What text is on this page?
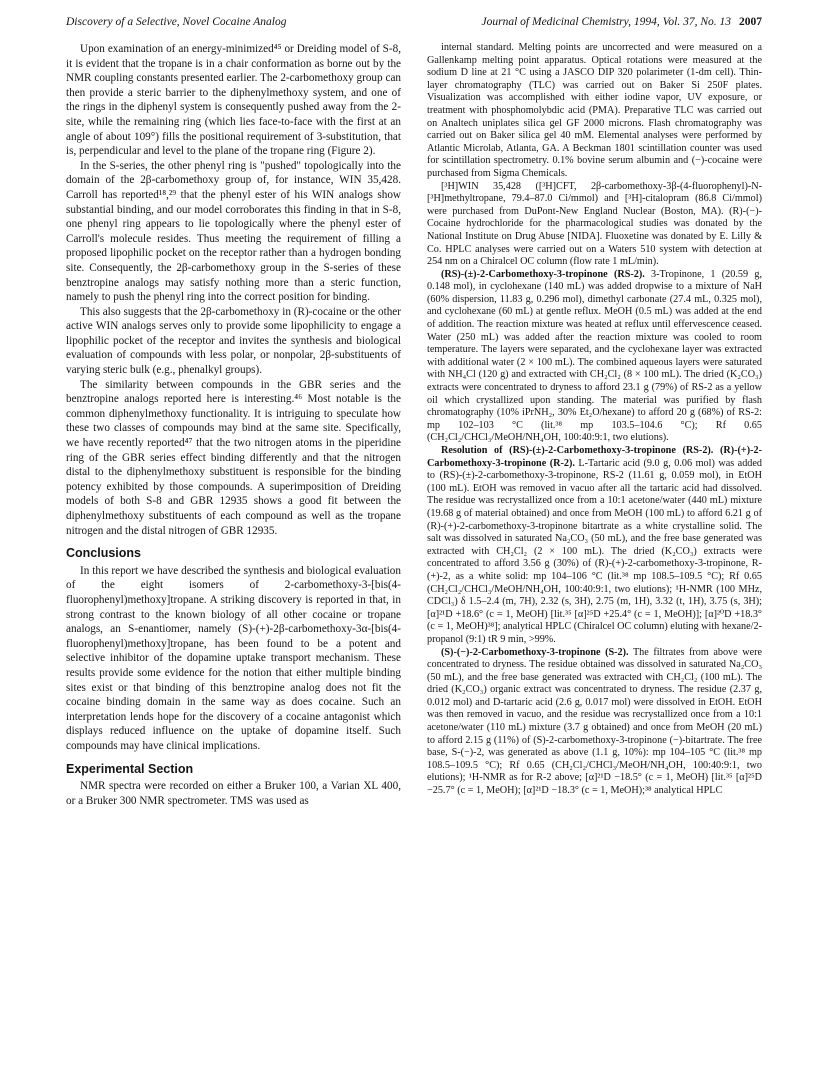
Discovery of a Selective, Novel Cocaine Analog	Journal of Medicinal Chemistry, 1994, Vol. 37, No. 13 2007

Upon examination of an energy-minimized⁴⁵ or Dreiding model of S-8, it is evident that the tropane is in a chair conformation as borne out by the NMR coupling constants presented earlier. The 2-carbomethoxy group can then provide a steric barrier to the diphenylmethoxy system, and one of the rings in the diphenyl system is consequently pushed away from the 2-site, while the remaining ring (which lies face-to-face with the first at an angle of about 109°) fills the positional requirement of 3-substitution, that is, perpendicular and level to the plane of the tropane ring (Figure 2).

In the S-series, the other phenyl ring is "pushed" topologically into the domain of the 2β-carbomethoxy group of, for instance, WIN 35,428. Carroll has reported¹⁸,²⁹ that the phenyl ester of his WIN analogs show substantial binding, and our model corroborates this finding in that in S-8, one phenyl ring appears to lie topologically where the phenyl ester of Carroll's molecule resides. Thus meeting the requirement of filling a proposed lipophilic pocket on the receptor rather than a hydrogen bonding site. Consequently, the 2β-carbomethoxy group in the S-series of these benztropine analogs may satisfy nothing more than a steric function, namely to push the phenyl ring into the correct position for binding.

This also suggests that the 2β-carbomethoxy in (R)-cocaine or the other active WIN analogs serves only to provide some lipophilicity to engage a lipophilic pocket of the receptor and invites the synthesis and biological evaluation of compounds with less polar, or nonpolar, 2β-substituents of varying steric bulk (e.g., phenalkyl groups).

The similarity between compounds in the GBR series and the benztropine analogs reported here is interesting.⁴⁶ Most notable is the common diphenylmethoxy functionality. It is intriguing to speculate how these two classes of compounds may bind at the same site. Specifically, we have recently reported⁴⁷ that the two nitrogen atoms in the piperidine ring of the GBR series effect binding differently and that the nitrogen distal to the diphenylmethoxy substituent is responsible for the binding potency exhibited by those compounds. A superimposition of Dreiding models of both S-8 and GBR 12935 shows a good fit between the diphenylmethoxy substituents of each compound as well as the tropane nitrogen and the distal nitrogen of GBR 12935.

Conclusions

In this report we have described the synthesis and biological evaluation of the eight isomers of 2-carbomethoxy-3-[bis(4-fluorophenyl)methoxy]tropane. A striking discovery is reported in that, in strong contrast to the known biology of all other cocaine or tropane analogs, an S-enantiomer, namely (S)-(+)-2β-carbomethoxy-3α-[bis(4-fluorophenyl)methoxy]tropane, has been found to be a potent and selective inhibitor of the dopamine uptake transport mechanism. These results provide some evidence for the notion that either multiple binding sites exist or that binding of this benztropine analog does not fit the cocaine binding domain in the same way as does cocaine. Such an interpretation lends hope for the discovery of a cocaine antagonist which displays reduced influence on the uptake of dopamine itself. Such compounds may have clinical implications.

Experimental Section

NMR spectra were recorded on either a Bruker 100, a Varian XL 400, or a Bruker 300 NMR spectrometer. TMS was used as

internal standard. Melting points are uncorrected and were measured on a Gallenkamp melting point apparatus. Optical rotations were measured at the sodium D line at 21 °C using a JASCO DIP 320 polarimeter (1-dm cell). Thin-layer chromatography (TLC) was carried out on Baker Si 250F plates. Visualization was accomplished with either iodine vapor, UV exposure, or treatment with phosphomolybdic acid (PMA). Preparative TLC was carried out on Analtech uniplates silica gel GF 2000 microns. Flash chromatography was carried out on Baker silica gel 40 mM. Elemental analyses were performed by Atlantic Microlab, Atlanta, GA. A Beckman 1801 scintillation counter was used for scintillation spectrometry. 0.1% bovine serum albumin and (−)-cocaine were purchased from Sigma Chemicals.

[³H]WIN 35,428 ([³H]CFT, 2β-carbomethoxy-3β-(4-fluorophenyl)-N-[³H]methyltropane, 79.4–87.0 Ci/mmol) and [³H]-citalopram (86.8 Ci/mmol) were purchased from DuPont-New England Nuclear (Boston, MA). (R)-(−)-Cocaine hydrochloride for the pharmacological studies was donated by the National Institute on Drug Abuse [NIDA]. Fluoxetine was donated by E. Lilly & Co. HPLC analyses were carried out on a Waters 510 system with detection at 254 nm on a Chiralcel OC column (flow rate 1 mL/min).

(RS)-(±)-2-Carbomethoxy-3-tropinone (RS-2). 3-Tropinone, 1 (20.59 g, 0.148 mol), in cyclohexane (140 mL) was added dropwise to a mixture of NaH (60% dispersion, 11.83 g, 0.296 mol), dimethyl carbonate (27.4 mL, 0.325 mol), and cyclohexane (60 mL) at gentle reflux. MeOH (0.5 mL) was added at the end of addition. The reaction mixture was heated at reflux until effervescence ceased. Water (250 mL) was added after the reaction mixture was cooled to room temperature. The layers were separated, and the cyclohexane layer was extracted with additional water (2 × 100 mL). The combined aqueous layers were saturated with NH₄Cl (120 g) and extracted with CH₂Cl₂ (8 × 100 mL). The dried (K₂CO₃) extracts were concentrated to dryness to afford 23.1 g (79%) of RS-2 as a yellow oil which crystallized upon standing. The material was purified by flash chromatography (10% iPrNH₂, 30% Et₂O/hexane) to afford 20 g (68%) of RS-2: mp 102–103 °C (lit.³⁸ mp 103.5–104.6 °C); Rf 0.65 (CH₂Cl₂/CHCl₃/MeOH/NH₄OH, 100:40:9:1, two elutions).

Resolution of (RS)-(±)-2-Carbomethoxy-3-tropinone (RS-2). (R)-(+)-2-Carbomethoxy-3-tropinone (R-2). L-Tartaric acid (9.0 g, 0.06 mol) was added to (RS)-(±)-2-carbomethoxy-3-tropinone, RS-2 (11.61 g, 0.059 mol), in EtOH (100 mL). EtOH was removed in vacuo after all the tartaric acid had dissolved. The residue was recrystallized once from a 10:1 acetone/water (440 mL) mixture (19.68 g of material obtained) and once from MeOH (100 mL) to afford 6.21 g of (R)-(+)-2-carbomethoxy-3-tropinone bitartrate as a white crystalline solid. The salt was dissolved in saturated Na₂CO₃ (50 mL), and the free base generated was extracted with CH₂Cl₂ (2 × 100 mL). The dried (K₂CO₃) extracts were concentrated to afford 3.56 g (30%) of (R)-(+)-2-carbomethoxy-3-tropinone, R-(+)-2, as a white solid: mp 104–106 °C (lit.³⁸ mp 108.5–109.5 °C); Rf 0.65 (CH₂Cl₂/CHCl₃/MeOH/NH₄OH, 100:40:9:1, two elutions); ¹H-NMR (100 MHz, CDCl₃) δ 1.5–2.4 (m, 7H), 2.32 (s, 3H), 2.75 (m, 1H), 3.32 (t, 1H), 3.75 (s, 3H); [α]²¹D +18.6° (c = 1, MeOH) [lit.³⁵ [α]²⁵D +25.4° (c = 1, MeOH)]; [α]²⁰D +18.3° (c = 1, MeOH)³⁸]; analytical HPLC (Chiralcel OC column) eluting with hexane/2-propanol (9:1) tR 9 min, >99%.

(S)-(−)-2-Carbomethoxy-3-tropinone (S-2). The filtrates from above were concentrated to dryness. The residue obtained was dissolved in saturated Na₂CO₃ (50 mL), and the free base generated was extracted with CH₂Cl₂ (100 mL). The dried (K₂CO₃) organic extract was concentrated to dryness. The residue (2.37 g, 0.012 mol) and D-tartaric acid (2.6 g, 0.017 mol) were dissolved in EtOH. EtOH was then removed in vacuo, and the residue was recrystallized once from a 10:1 acetone/water (110 mL) mixture (3.7 g obtained) and once from MeOH (20 mL) to afford 2.15 g (11%) of (S)-2-carbomethoxy-3-tropinone (−)-bitartrate. The free base, S-(−)-2, was generated as above (1.1 g, 10%): mp 104–105 °C (lit.³⁸ mp 108.5–109.5 °C); Rf 0.65 (CH₂Cl₂/CHCl₃/MeOH/NH₄OH, 100:40:9:1, two elutions); ¹H-NMR as for R-2 above; [α]²¹D −18.5° (c = 1, MeOH) [lit.³⁵ [α]²⁵D −25.7° (c = 1, MeOH); [α]²¹D −18.3° (c = 1, MeOH);³⁸ analytical HPLC
